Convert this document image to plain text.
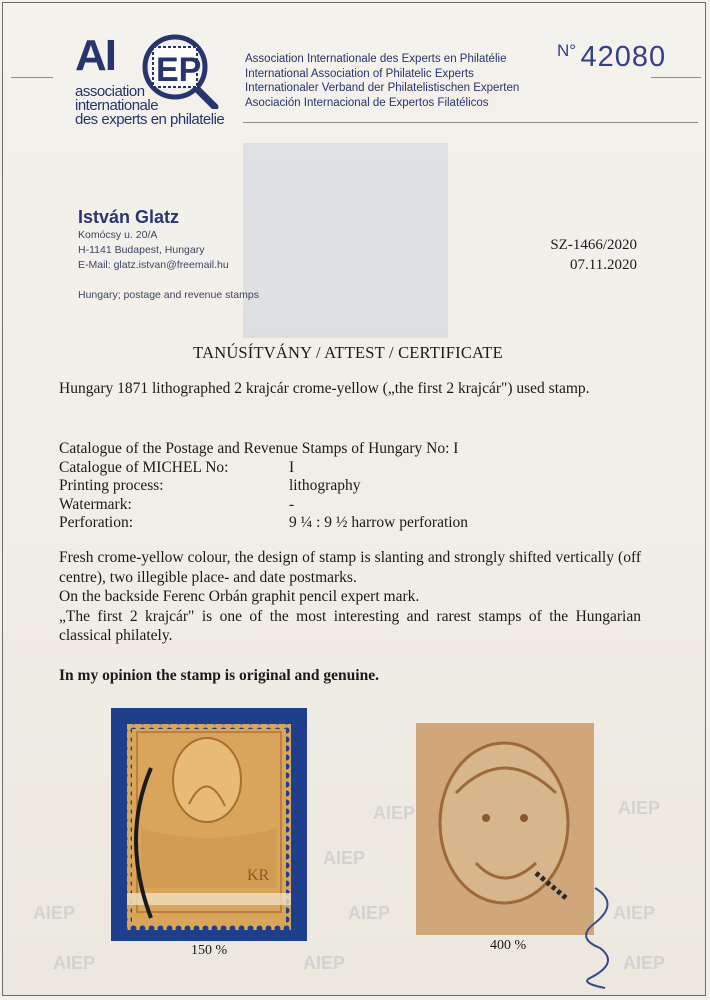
AI EP
association
internationale
des experts en philatelie
Association Internationale des Experts en Philatélie
International Association of Philatelic Experts
Internationaler Verband der Philatelistischen Experten
Asociación Internacional de Expertos Filatélicos
N° 42080
István Glatz
Komócsy u. 20/A
H-1141 Budapest, Hungary
E-Mail: glatz.istvan@freemail.hu
Hungary; postage and revenue stamps
SZ-1466/2020
07.11.2020
TANÚSÍTVÁNY / ATTEST / CERTIFICATE
Hungary 1871 lithographed 2 krajcár crome-yellow („the first 2 krajcár") used stamp.
Catalogue of the Postage and Revenue Stamps of Hungary No: I
Catalogue of MICHEL No:	I
Printing process:	lithography
Watermark:	-
Perforation:	9 ¼ : 9 ½ harrow perforation

Fresh crome-yellow colour, the design of stamp is slanting and strongly shifted vertically (off centre), two illegible place- and date postmarks.

On the backside Ferenc Orbán graphit pencil expert mark.

„The first 2 krajcár" is one of the most interesting and rarest stamps of the Hungarian classical philately.

In my opinion the stamp is original and genuine.
AIEP
AIEP
AIEP
AIEP	AIEP	AIEP
AIEP	AIEP	AIEP
KR
150 %	400 %
